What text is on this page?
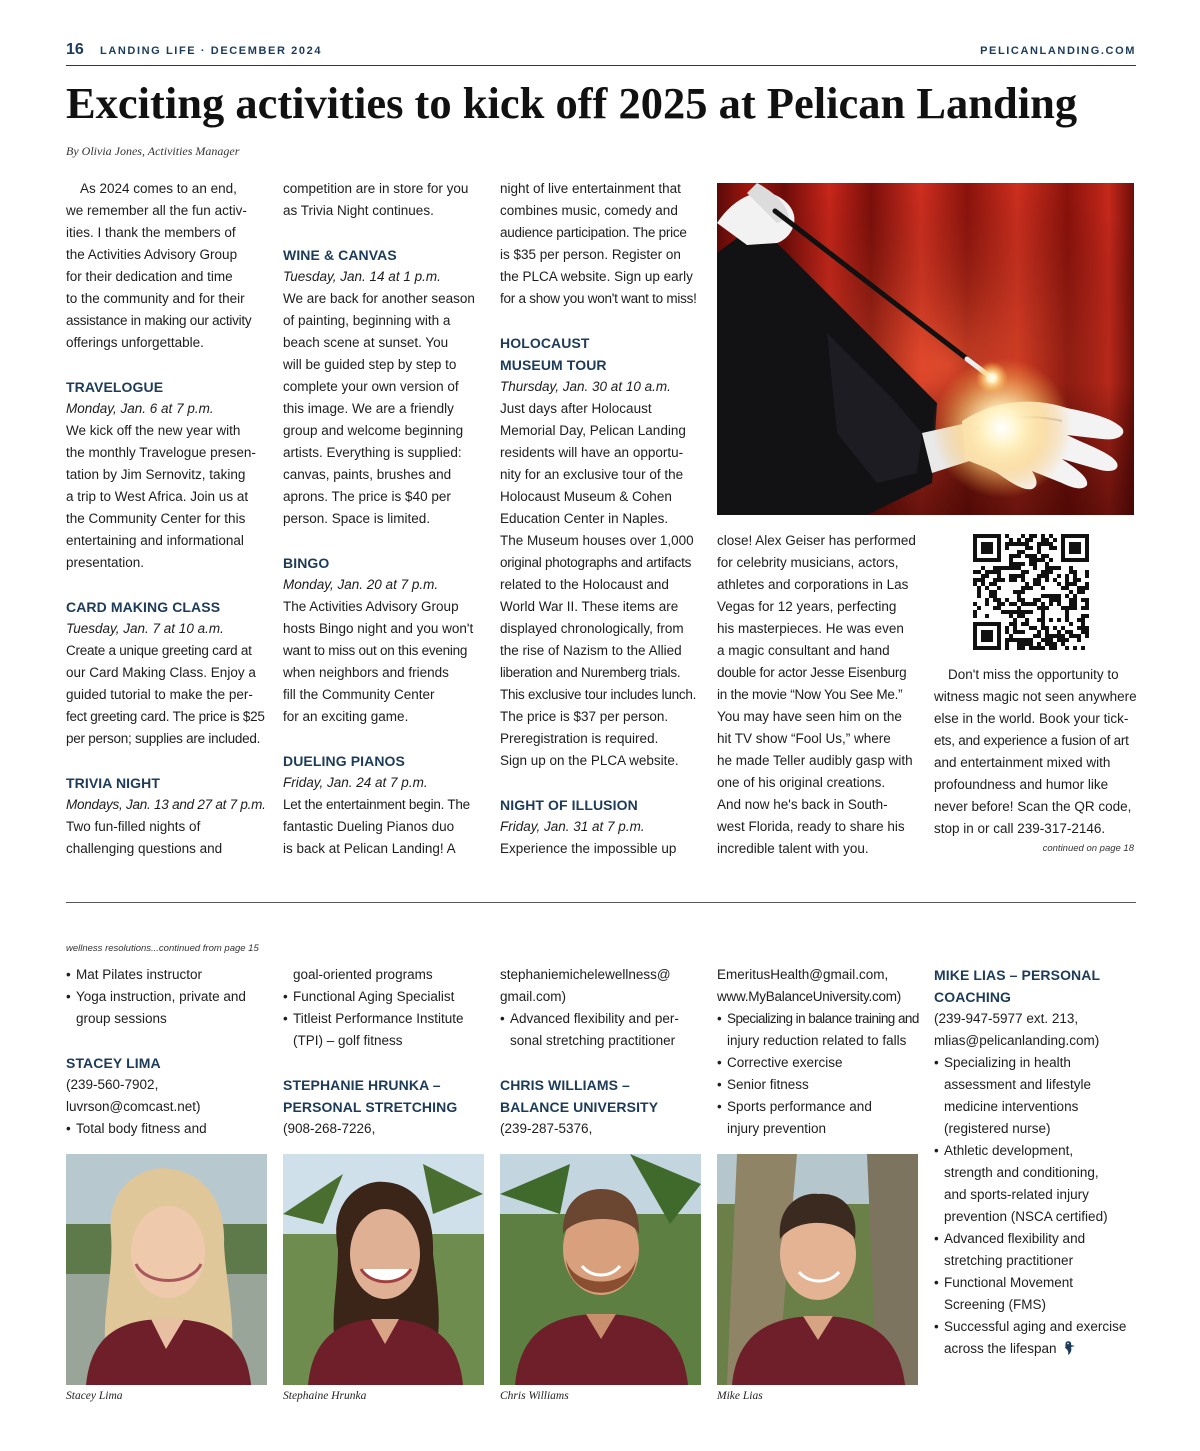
16 LANDING LIFE · DECEMBER 2024	PELICANLANDING.COM
Exciting activities to kick off 2025 at Pelican Landing
By Olivia Jones, Activities Manager

As 2024 comes to an end,

we remember all the fun activ-

ities. I thank the members of

the Activities Advisory Group

for their dedication and time

to the community and for their

assistance in making our activity

offerings unforgettable.

TRAVELOGUE

Monday, Jan. 6 at 7 p.m.

We kick off the new year with

the monthly Travelogue presen-

tation by Jim Sernovitz, taking

a trip to West Africa. Join us at

the Community Center for this

entertaining and informational

presentation.

CARD MAKING CLASS

Tuesday, Jan. 7 at 10 a.m.

Create a unique greeting card at

our Card Making Class. Enjoy a

guided tutorial to make the per-

fect greeting card. The price is $25

per person; supplies are included.

TRIVIA NIGHT

Mondays, Jan. 13 and 27 at 7 p.m.

Two fun-filled nights of

challenging questions and

competition are in store for you

as Trivia Night continues.

WINE & CANVAS

Tuesday, Jan. 14 at 1 p.m.

We are back for another season

of painting, beginning with a

beach scene at sunset. You

will be guided step by step to

complete your own version of

this image. We are a friendly

group and welcome beginning

artists. Everything is supplied:

canvas, paints, brushes and

aprons. The price is $40 per

person. Space is limited.

BINGO

Monday, Jan. 20 at 7 p.m.

The Activities Advisory Group

hosts Bingo night and you won't

want to miss out on this evening

when neighbors and friends

fill the Community Center

for an exciting game.

DUELING PIANOS

Friday, Jan. 24 at 7 p.m.

Let the entertainment begin. The

fantastic Dueling Pianos duo

is back at Pelican Landing! A

night of live entertainment that

combines music, comedy and

audience participation. The price

is $35 per person. Register on

the PLCA website. Sign up early

for a show you won't want to miss!

HOLOCAUST

MUSEUM TOUR

Thursday, Jan. 30 at 10 a.m.

Just days after Holocaust

Memorial Day, Pelican Landing

residents will have an opportu-

nity for an exclusive tour of the

Holocaust Museum & Cohen

Education Center in Naples.

The Museum houses over 1,000

original photographs and artifacts

related to the Holocaust and

World War II. These items are

displayed chronologically, from

the rise of Nazism to the Allied

liberation and Nuremberg trials.

This exclusive tour includes lunch.

The price is $37 per person.

Preregistration is required.

Sign up on the PLCA website.

NIGHT OF ILLUSION

Friday, Jan. 31 at 7 p.m.

Experience the impossible up

close! Alex Geiser has performed

for celebrity musicians, actors,

athletes and corporations in Las

Vegas for 12 years, perfecting

his masterpieces. He was even

a magic consultant and hand

double for actor Jesse Eisenburg

in the movie “Now You See Me.”

You may have seen him on the

hit TV show “Fool Us,” where

he made Teller audibly gasp with

one of his original creations.

And now he's back in South-

west Florida, ready to share his

incredible talent with you.

Don't miss the opportunity to

witness magic not seen anywhere

else in the world. Book your tick-

ets, and experience a fusion of art

and entertainment mixed with

profoundness and humor like

never before! Scan the QR code,

stop in or call 239-317-2146.

continued on page 18
wellness resolutions...continued from page 15
• Mat Pilates instructor
• Yoga instruction, private and
group sessions
STACEY LIMA
(239-560-7902,
luvrson@comcast.net)
• Total body fitness and
goal-oriented programs
• Functional Aging Specialist
• Titleist Performance Institute
(TPI) – golf fitness
STEPHANIE HRUNKA –
PERSONAL STRETCHING
(908-268-7226,
stephaniemichelewellness@
gmail.com)
• Advanced flexibility and per-
sonal stretching practitioner
CHRIS WILLIAMS –
BALANCE UNIVERSITY
(239-287-5376,
EmeritusHealth@gmail.com,
www.MyBalanceUniversity.com)
• Specializing in balance training and
injury reduction related to falls
• Corrective exercise
• Senior fitness
• Sports performance and
injury prevention
MIKE LIAS – PERSONAL
COACHING
(239-947-5977 ext. 213,
mlias@pelicanlanding.com)
• Specializing in health
assessment and lifestyle
medicine interventions
(registered nurse)
• Athletic development,
strength and conditioning,
and sports-related injury
prevention (NSCA certified)
• Advanced flexibility and
stretching practitioner
• Functional Movement
Screening (FMS)
• Successful aging and exercise
across the lifespan
Stacey Lima	Stephaine Hrunka	Chris Williams	Mike Lias
